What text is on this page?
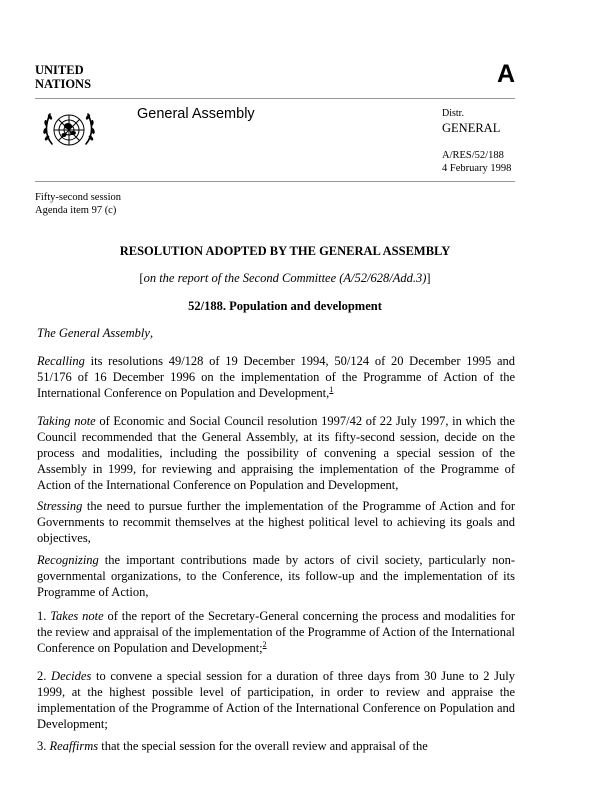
UNITED
NATIONS	A
General Assembly	Distr.
GENERAL
A/RES/52/188
4 February 1998
Fifty-second session
Agenda item 97 (c)
RESOLUTION ADOPTED BY THE GENERAL ASSEMBLY
[on the report of the Second Committee (A/52/628/Add.3)]
52/188. Population and development

The General Assembly,

Recalling its resolutions 49/128 of 19 December 1994, 50/124 of 20 December 1995 and 51/176 of 16 December 1996 on the implementation of the Programme of Action of the International Conference on Population and Development,$^1$

Taking note of Economic and Social Council resolution 1997/42 of 22 July 1997, in which the Council recommended that the General Assembly, at its fifty-second session, decide on the process and modalities, including the possibility of convening a special session of the Assembly in 1999, for reviewing and appraising the implementation of the Programme of Action of the International Conference on Population and Development,

Stressing the need to pursue further the implementation of the Programme of Action and for Governments to recommit themselves at the highest political level to achieving its goals and objectives,

Recognizing the important contributions made by actors of civil society, particularly non-governmental organizations, to the Conference, its follow-up and the implementation of its Programme of Action,

1. Takes note of the report of the Secretary-General concerning the process and modalities for the review and appraisal of the implementation of the Programme of Action of the International Conference on Population and Development;$^2$

2. Decides to convene a special session for a duration of three days from 30 June to 2 July 1999, at the highest possible level of participation, in order to review and appraise the implementation of the Programme of Action of the International Conference on Population and Development;

3. Reaffirms that the special session for the overall review and appraisal of the
